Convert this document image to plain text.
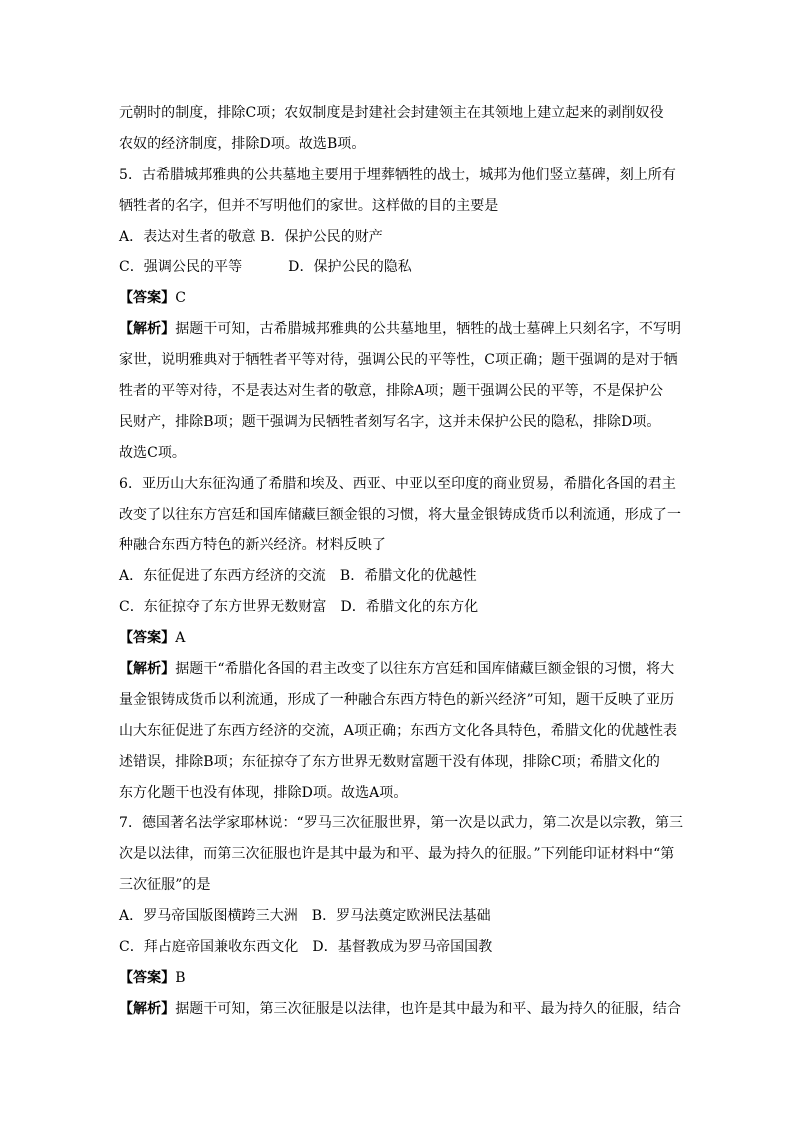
元朝时的制度，排除C项；农奴制度是封建社会封建领主在其领地上建立起来的剥削奴役
农奴的经济制度，排除D项。故选B项。
5．古希腊城邦雅典的公共墓地主要用于埋葬牺牲的战士，城邦为他们竖立墓碑，刻上所有
牺牲者的名字，但并不写明他们的家世。这样做的目的主要是
A．表达对生者的敬意 B．保护公民的财产
C．强调公民的平等	D．保护公民的隐私
【答案】C
【解析】据题干可知，古希腊城邦雅典的公共墓地里，牺牲的战士墓碑上只刻名字，不写明
家世，说明雅典对于牺牲者平等对待，强调公民的平等性，C项正确；题干强调的是对于牺
牲者的平等对待，不是表达对生者的敬意，排除A项；题干强调公民的平等，不是保护公
民财产，排除B项；题干强调为民牺牲者刻写名字，这并未保护公民的隐私，排除D项。
故选C项。
6．亚历山大东征沟通了希腊和埃及、西亚、中亚以至印度的商业贸易，希腊化各国的君主
改变了以往东方宫廷和国库储藏巨额金银的习惯，将大量金银铸成货币以利流通，形成了一
种融合东西方特色的新兴经济。材料反映了
A．东征促进了东西方经济的交流 B．希腊文化的优越性
C．东征掠夺了东方世界无数财富 D．希腊文化的东方化
【答案】A
【解析】据题干“希腊化各国的君主改变了以往东方宫廷和国库储藏巨额金银的习惯，将大
量金银铸成货币以利流通，形成了一种融合东西方特色的新兴经济”可知，题干反映了亚历
山大东征促进了东西方经济的交流，A项正确；东西方文化各具特色，希腊文化的优越性表
述错误，排除B项；东征掠夺了东方世界无数财富题干没有体现，排除C项；希腊文化的
东方化题干也没有体现，排除D项。故选A项。
7．德国著名法学家耶林说：“罗马三次征服世界，第一次是以武力，第二次是以宗教，第三
次是以法律，而第三次征服也许是其中最为和平、最为持久的征服。”下列能印证材料中“第
三次征服”的是
A．罗马帝国版图横跨三大洲 B．罗马法奠定欧洲民法基础
C．拜占庭帝国兼收东西文化 D．基督教成为罗马帝国国教
【答案】B
【解析】据题干可知，第三次征服是以法律，也许是其中最为和平、最为持久的征服，结合
